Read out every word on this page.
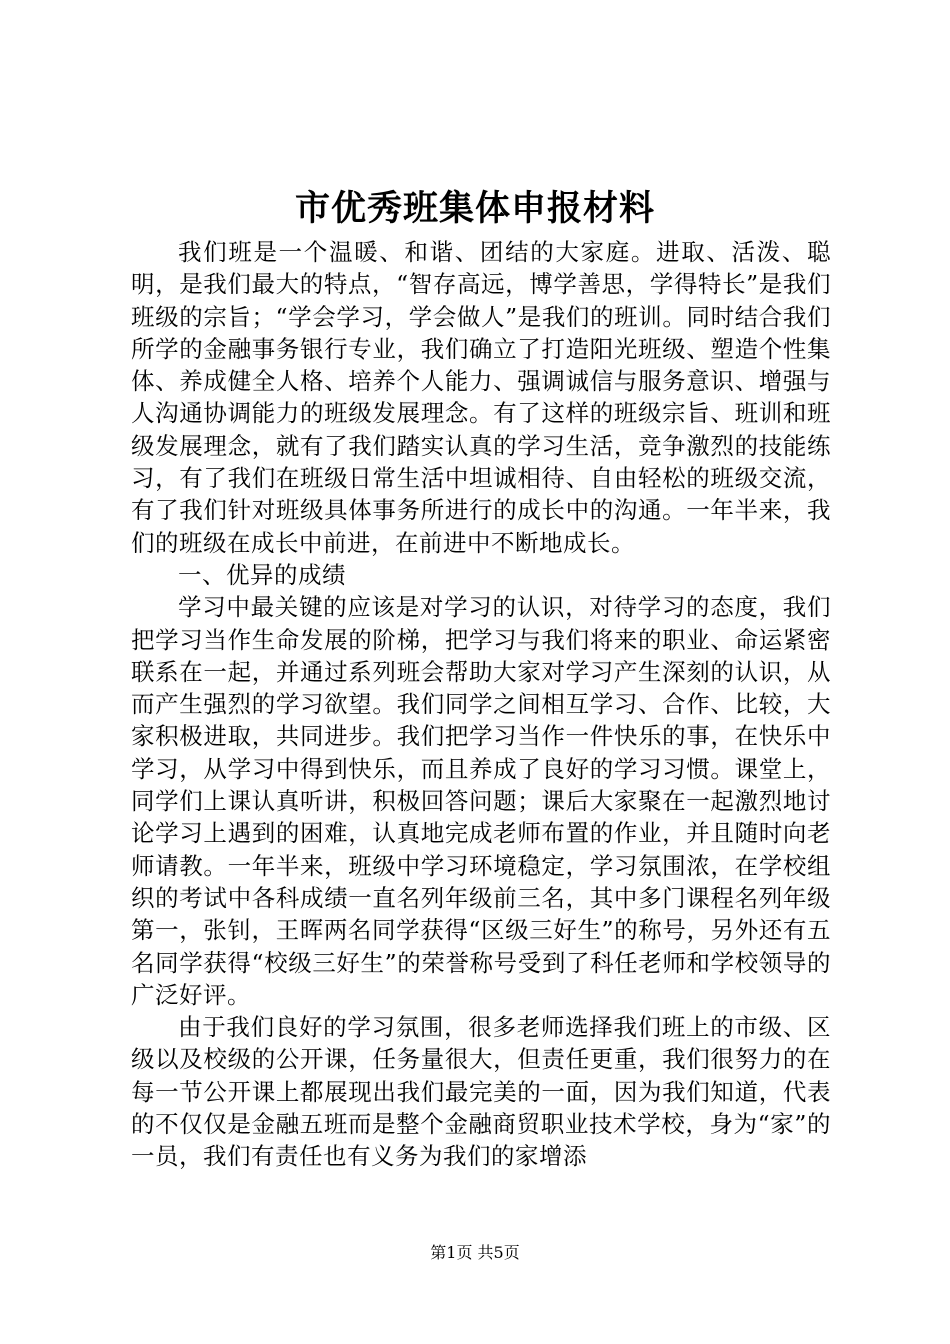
市优秀班集体申报材料

我们班是一个温暖、和谐、团结的大家庭。进取、活泼、聪明，是我们最大的特点，“智存高远，博学善思，学得特长”是我们班级的宗旨；“学会学习，学会做人”是我们的班训。同时结合我们所学的金融事务银行专业，我们确立了打造阳光班级、塑造个性集体、养成健全人格、培养个人能力、强调诚信与服务意识、增强与人沟通协调能力的班级发展理念。有了这样的班级宗旨、班训和班级发展理念，就有了我们踏实认真的学习生活，竞争激烈的技能练习，有了我们在班级日常生活中坦诚相待、自由轻松的班级交流，有了我们针对班级具体事务所进行的成长中的沟通。一年半来，我们的班级在成长中前进，在前进中不断地成长。

一、优异的成绩

学习中最关键的应该是对学习的认识，对待学习的态度，我们把学习当作生命发展的阶梯，把学习与我们将来的职业、命运紧密联系在一起，并通过系列班会帮助大家对学习产生深刻的认识，从而产生强烈的学习欲望。我们同学之间相互学习、合作、比较，大家积极进取，共同进步。我们把学习当作一件快乐的事，在快乐中学习，从学习中得到快乐，而且养成了良好的学习习惯。课堂上，同学们上课认真听讲，积极回答问题；课后大家聚在一起激烈地讨论学习上遇到的困难，认真地完成老师布置的作业，并且随时向老师请教。一年半来，班级中学习环境稳定，学习氛围浓，在学校组织的考试中各科成绩一直名列年级前三名，其中多门课程名列年级第一，张钊，王晖两名同学获得“区级三好生”的称号，另外还有五名同学获得“校级三好生”的荣誉称号受到了科任老师和学校领导的广泛好评。

由于我们良好的学习氛围，很多老师选择我们班上的市级、区级以及校级的公开课，任务量很大，但责任更重，我们很努力的在每一节公开课上都展现出我们最完美的一面，因为我们知道，代表的不仅仅是金融五班而是整个金融商贸职业技术学校，身为“家”的一员，我们有责任也有义务为我们的家增添

第1页 共5页
